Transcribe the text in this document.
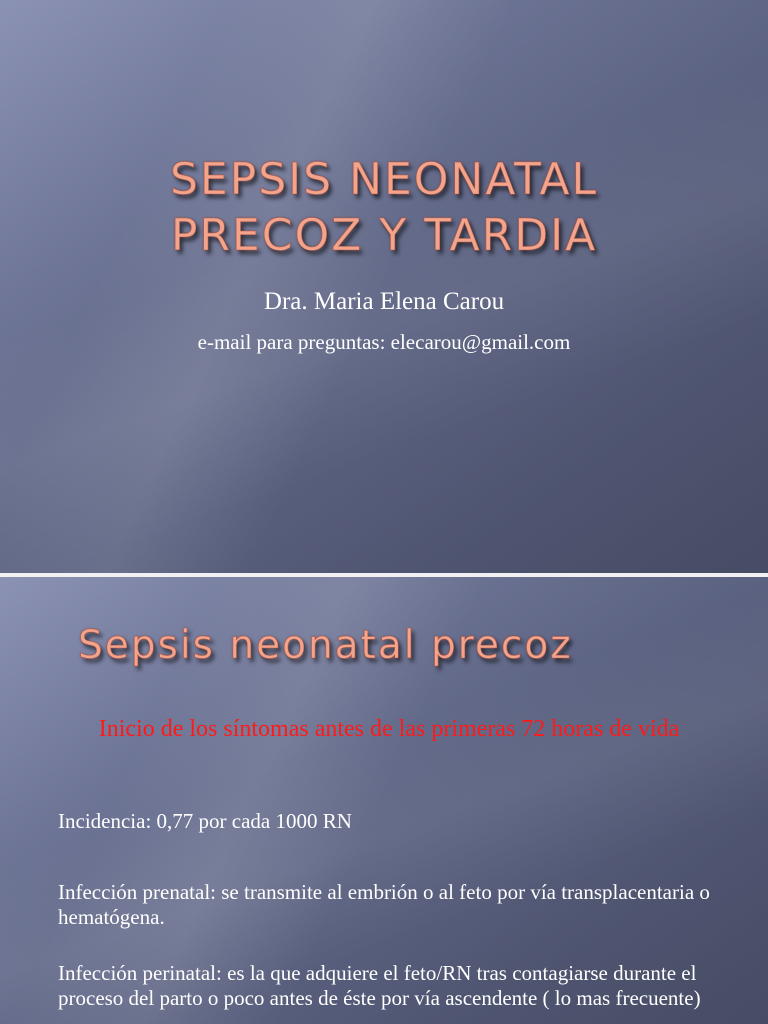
SEPSIS NEONATAL
PRECOZ Y TARDIA
Dra. Maria Elena Carou
e-mail para preguntas: elecarou@gmail.com
Sepsis neonatal precoz
Inicio de los síntomas antes de las primeras 72 horas de vida
Incidencia: 0,77 por cada 1000 RN
Infección prenatal: se transmite al embrión o al feto por vía transplacentaria o hematógena.
Infección perinatal: es la que adquiere el feto/RN tras contagiarse durante el proceso del parto o poco antes de éste por vía ascendente ( lo mas frecuente)
